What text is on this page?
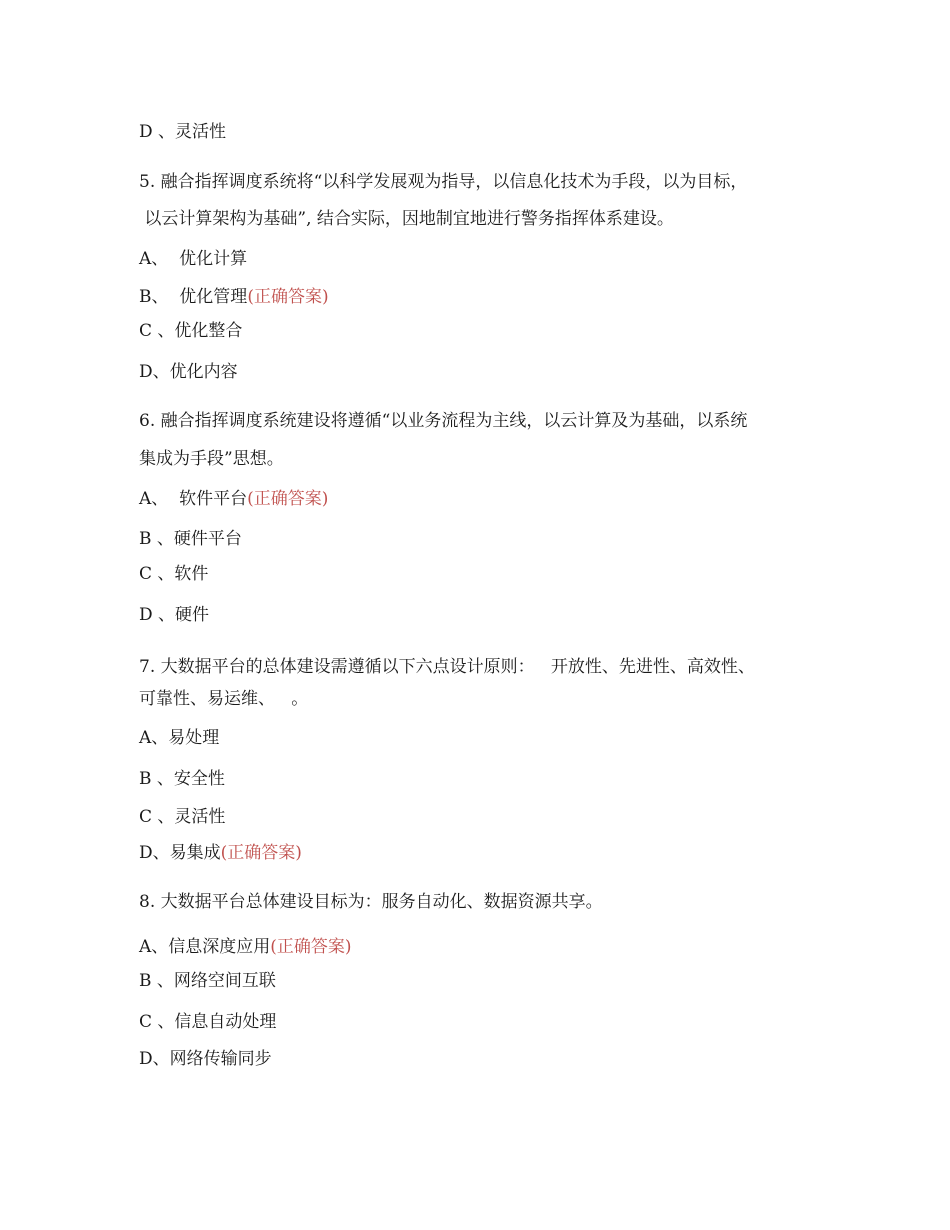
D 、灵活性
5. 融合指挥调度系统将“以科学发展观为指导，以信息化技术为手段，以为目标，
以云计算架构为基础”, 结合实际，因地制宜地进行警务指挥体系建设。
A、  优化计算
B、  优化管理(正确答案)
C 、优化整合
D、优化内容
6. 融合指挥调度系统建设将遵循“以业务流程为主线，以云计算及为基础，以系统
集成为手段”思想。
A、  软件平台(正确答案)
B 、硬件平台
C 、软件
D 、硬件
7. 大数据平台的总体建设需遵循以下六点设计原则：   开放性、先进性、高效性、
可靠性、易运维、   。
A、易处理
B 、安全性
C 、灵活性
D、易集成(正确答案)
8. 大数据平台总体建设目标为：服务自动化、数据资源共享。
A、信息深度应用(正确答案)
B 、网络空间互联
C 、信息自动处理
D、网络传输同步
